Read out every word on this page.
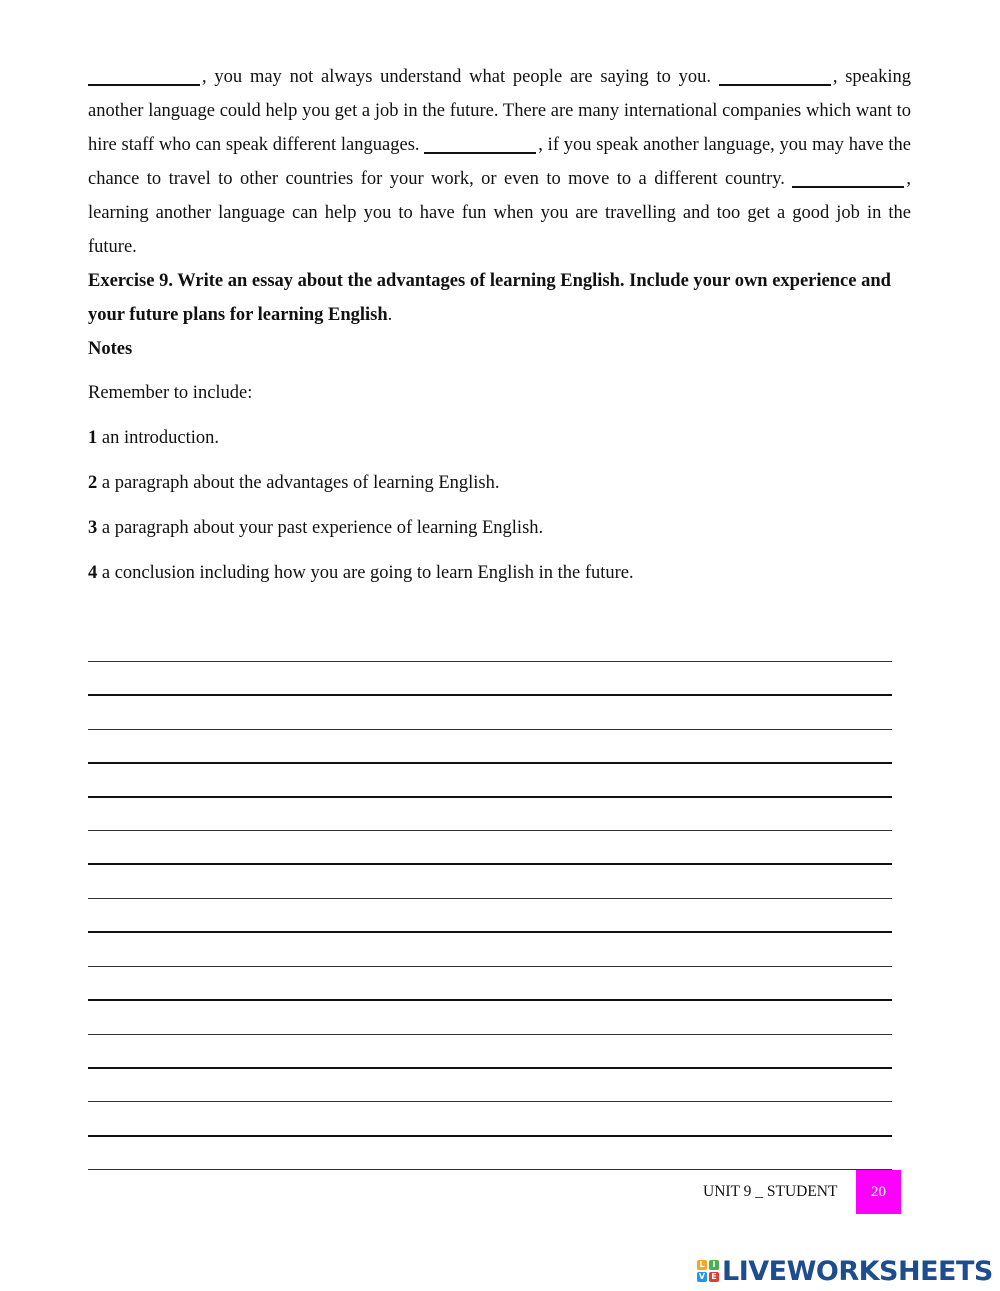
, you may not always understand what people are saying to you.	, speaking another language could help you get a job in the future. There are many international companies which want to hire staff who can speak different languages.	, if you speak another language, you may have the chance to travel to other countries for your work, or even to move to a different country.	, learning another language can help you to have fun when you are travelling and too get a good job in the future.
Exercise 9. Write an essay about the advantages of learning English. Include your own experience and your future plans for learning English.
Notes
Remember to include:
1 an introduction.
2 a paragraph about the advantages of learning English.
3 a paragraph about your past experience of learning English.
4 a conclusion including how you are going to learn English in the future.
UNIT 9 _ STUDENT	20
L I
V E LIVEWORKSHEETS
